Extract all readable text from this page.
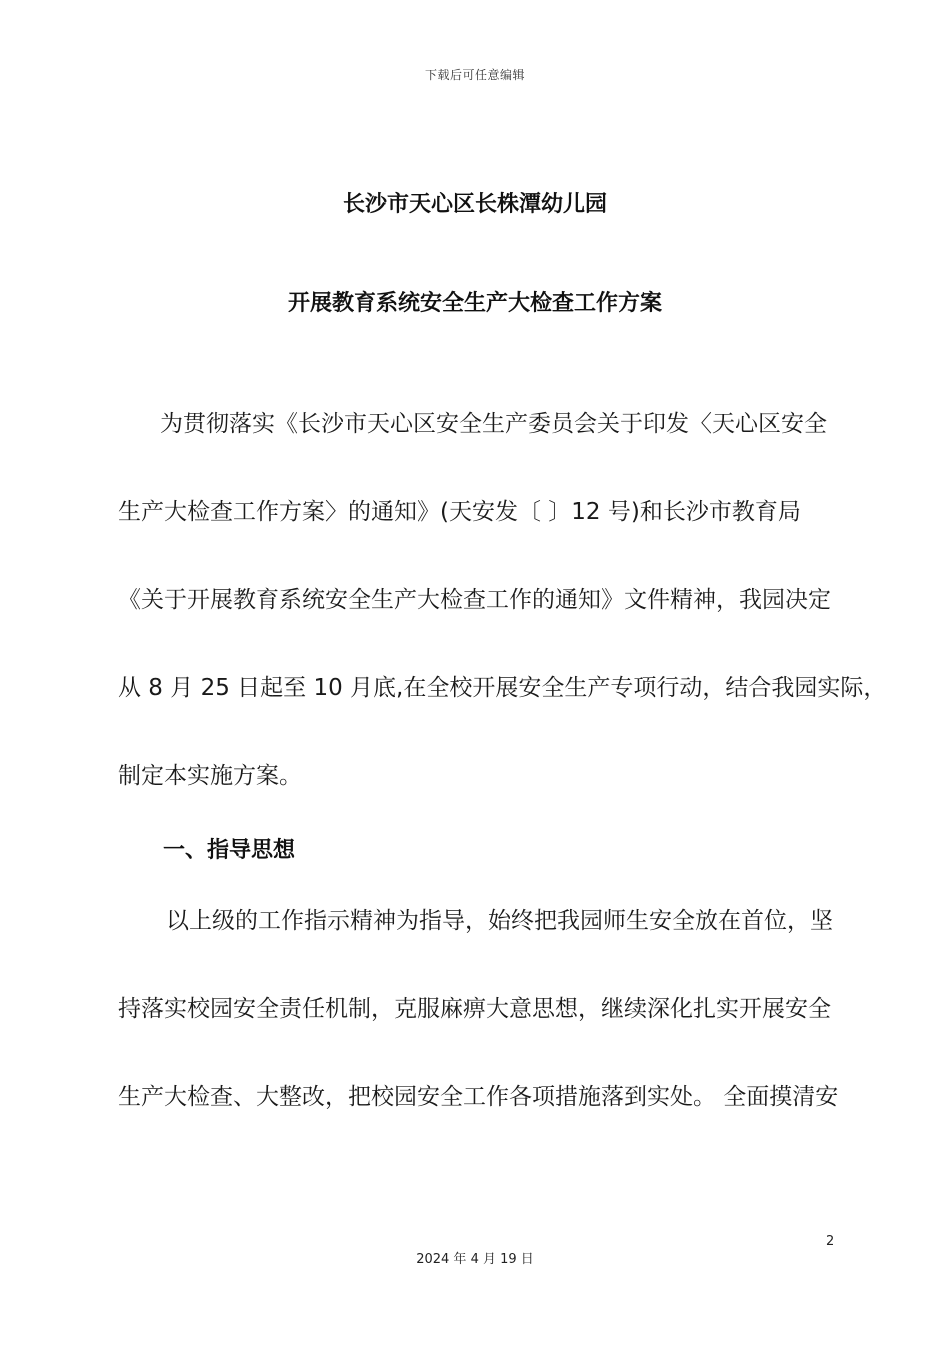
下载后可任意编辑
长沙市天心区长株潭幼儿园
开展教育系统安全生产大检查工作方案
为贯彻落实《长沙市天心区安全生产委员会关于印发〈天心区安全
生产大检查工作方案〉的通知》(天安发〔 〕12 号)和长沙市教育局
《关于开展教育系统安全生产大检查工作的通知》文件精神，我园决定
从 8 月 25 日起至 10 月底,在全校开展安全生产专项行动，结合我园实际，
制定本实施方案。
一、指导思想
以上级的工作指示精神为指导，始终把我园师生安全放在首位，坚
持落实校园安全责任机制，克服麻痹大意思想，继续深化扎实开展安全
生产大检查、大整改，把校园安全工作各项措施落到实处。 全面摸清安
2
2024 年 4 月 19 日
